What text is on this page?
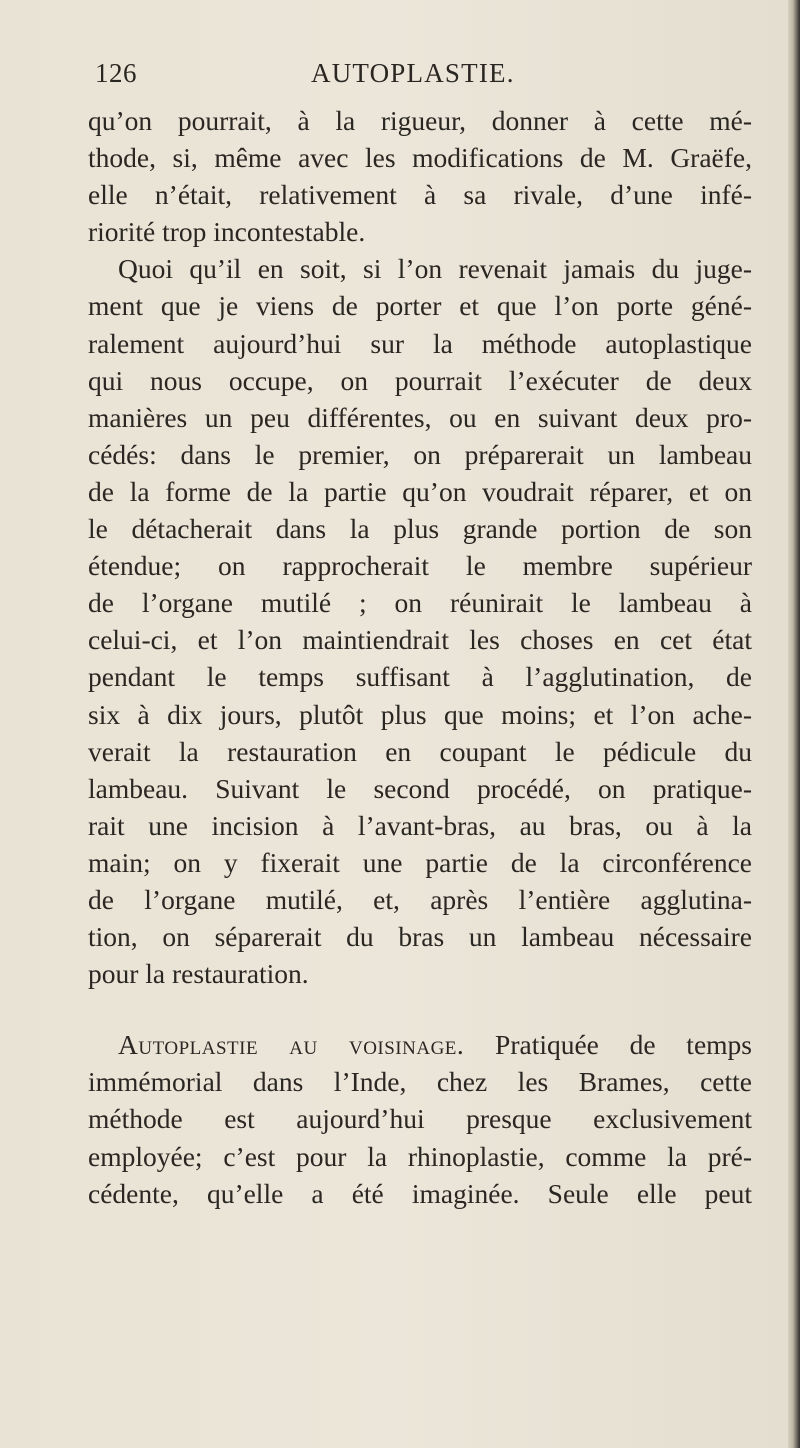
126	AUTOPLASTIE.
qu’on pourrait, à la rigueur, donner à cette mé-
thode, si, même avec les modifications de M. Graëfe,
elle n’était, relativement à sa rivale, d’une infé-
riorité trop incontestable.
Quoi qu’il en soit, si l’on revenait jamais du juge-
ment que je viens de porter et que l’on porte géné-
ralement aujourd’hui sur la méthode autoplastique
qui nous occupe, on pourrait l’exécuter de deux
manières un peu différentes, ou en suivant deux pro-
cédés: dans le premier, on préparerait un lambeau
de la forme de la partie qu’on voudrait réparer, et on
le détacherait dans la plus grande portion de son
étendue; on rapprocherait le membre supérieur
de l’organe mutilé ; on réunirait le lambeau à
celui-ci, et l’on maintiendrait les choses en cet état
pendant le temps suffisant à l’agglutination, de
six à dix jours, plutôt plus que moins; et l’on ache-
verait la restauration en coupant le pédicule du
lambeau. Suivant le second procédé, on pratique-
rait une incision à l’avant-bras, au bras, ou à la
main; on y fixerait une partie de la circonférence
de l’organe mutilé, et, après l’entière agglutina-
tion, on séparerait du bras un lambeau nécessaire
pour la restauration.
Autoplastie au voisinage. Pratiquée de temps
immémorial dans l’Inde, chez les Brames, cette
méthode est aujourd’hui presque exclusivement
employée; c’est pour la rhinoplastie, comme la pré-
cédente, qu’elle a été imaginée. Seule elle peut
